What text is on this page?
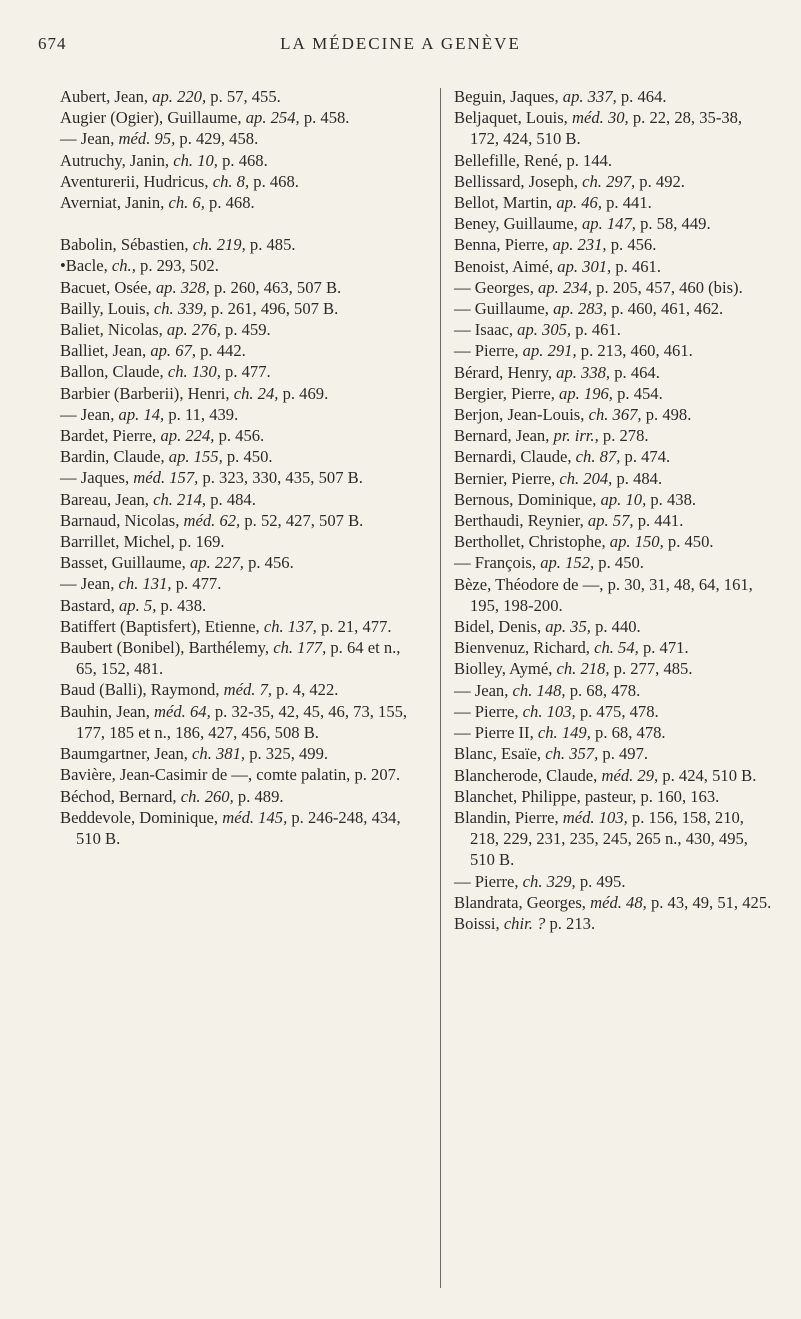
674	LA MÉDECINE A GENÈVE

Aubert, Jean, ap. 220, p. 57, 455.

Augier (Ogier), Guillaume, ap. 254, p. 458.

— Jean, méd. 95, p. 429, 458.

Autruchy, Janin, ch. 10, p. 468.

Aventurerii, Hudricus, ch. 8, p. 468.

Averniat, Janin, ch. 6, p. 468.

Babolin, Sébastien, ch. 219, p. 485.

•Bacle, ch., p. 293, 502.

Bacuet, Osée, ap. 328, p. 260, 463, 507 B.

Bailly, Louis, ch. 339, p. 261, 496, 507 B.

Baliet, Nicolas, ap. 276, p. 459.

Balliet, Jean, ap. 67, p. 442.

Ballon, Claude, ch. 130, p. 477.

Barbier (Barberii), Henri, ch. 24, p. 469.

— Jean, ap. 14, p. 11, 439.

Bardet, Pierre, ap. 224, p. 456.

Bardin, Claude, ap. 155, p. 450.

— Jaques, méd. 157, p. 323, 330, 435, 507 B.

Bareau, Jean, ch. 214, p. 484.

Barnaud, Nicolas, méd. 62, p. 52, 427, 507 B.

Barrillet, Michel, p. 169.

Basset, Guillaume, ap. 227, p. 456.

— Jean, ch. 131, p. 477.

Bastard, ap. 5, p. 438.

Batiffert (Baptisfert), Etienne, ch. 137, p. 21, 477.

Baubert (Bonibel), Barthélemy, ch. 177, p. 64 et n., 65, 152, 481.

Baud (Balli), Raymond, méd. 7, p. 4, 422.

Bauhin, Jean, méd. 64, p. 32-35, 42, 45, 46, 73, 155, 177, 185 et n., 186, 427, 456, 508 B.

Baumgartner, Jean, ch. 381, p. 325, 499.

Bavière, Jean-Casimir de —, comte palatin, p. 207.

Béchod, Bernard, ch. 260, p. 489.

Beddevole, Dominique, méd. 145, p. 246-248, 434, 510 B.

Beguin, Jaques, ap. 337, p. 464.

Beljaquet, Louis, méd. 30, p. 22, 28, 35-38, 172, 424, 510 B.

Bellefille, René, p. 144.

Bellissard, Joseph, ch. 297, p. 492.

Bellot, Martin, ap. 46, p. 441.

Beney, Guillaume, ap. 147, p. 58, 449.

Benna, Pierre, ap. 231, p. 456.

Benoist, Aimé, ap. 301, p. 461.

— Georges, ap. 234, p. 205, 457, 460 (bis).

— Guillaume, ap. 283, p. 460, 461, 462.

— Isaac, ap. 305, p. 461.

— Pierre, ap. 291, p. 213, 460, 461.

Bérard, Henry, ap. 338, p. 464.

Bergier, Pierre, ap. 196, p. 454.

Berjon, Jean-Louis, ch. 367, p. 498.

Bernard, Jean, pr. irr., p. 278.

Bernardi, Claude, ch. 87, p. 474.

Bernier, Pierre, ch. 204, p. 484.

Bernous, Dominique, ap. 10, p. 438.

Berthaudi, Reynier, ap. 57, p. 441.

Berthollet, Christophe, ap. 150, p. 450.

— François, ap. 152, p. 450.

Bèze, Théodore de —, p. 30, 31, 48, 64, 161, 195, 198-200.

Bidel, Denis, ap. 35, p. 440.

Bienvenuz, Richard, ch. 54, p. 471.

Biolley, Aymé, ch. 218, p. 277, 485.

— Jean, ch. 148, p. 68, 478.

— Pierre, ch. 103, p. 475, 478.

— Pierre II, ch. 149, p. 68, 478.

Blanc, Esaïe, ch. 357, p. 497.

Blancherode, Claude, méd. 29, p. 424, 510 B.

Blanchet, Philippe, pasteur, p. 160, 163.

Blandin, Pierre, méd. 103, p. 156, 158, 210, 218, 229, 231, 235, 245, 265 n., 430, 495, 510 B.

— Pierre, ch. 329, p. 495.

Blandrata, Georges, méd. 48, p. 43, 49, 51, 425.

Boissi, chir. ? p. 213.
